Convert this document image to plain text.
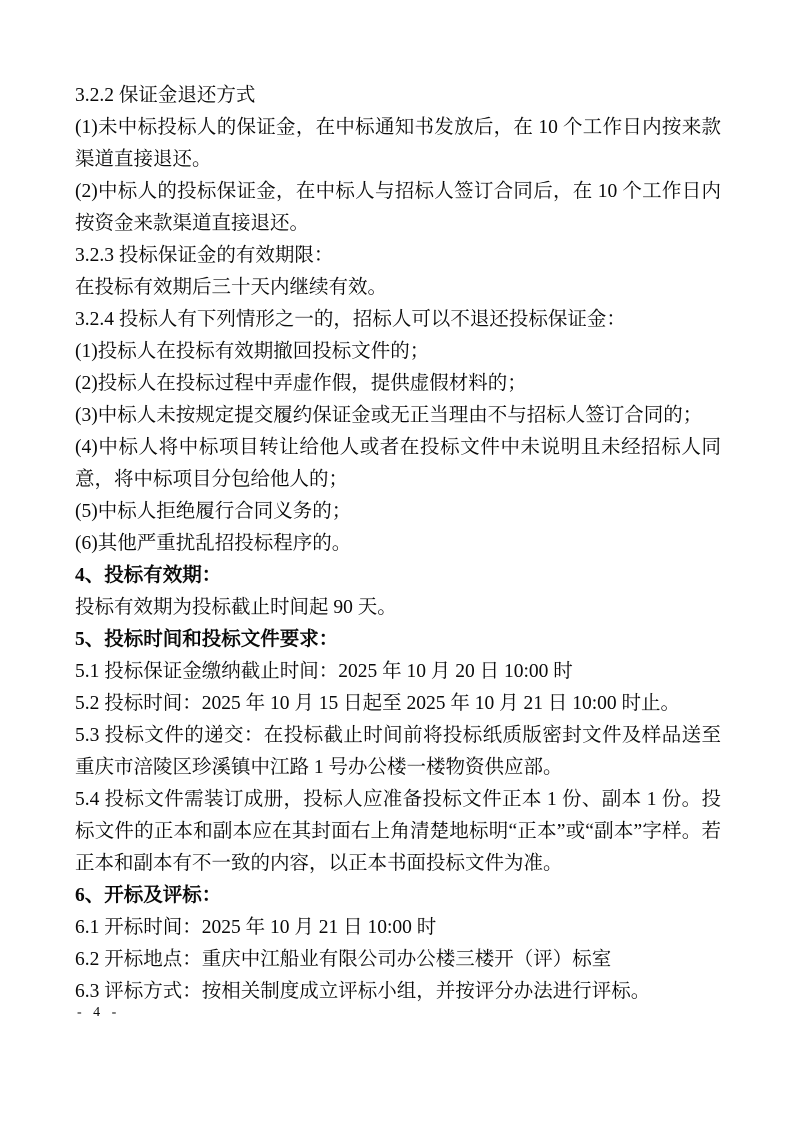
3.2.2 保证金退还方式

(1)未中标投标人的保证金，在中标通知书发放后，在 10 个工作日内按来款渠道直接退还。

(2)中标人的投标保证金，在中标人与招标人签订合同后，在 10 个工作日内按资金来款渠道直接退还。

3.2.3 投标保证金的有效期限：

在投标有效期后三十天内继续有效。

3.2.4 投标人有下列情形之一的，招标人可以不退还投标保证金：

(1)投标人在投标有效期撤回投标文件的；

(2)投标人在投标过程中弄虚作假，提供虚假材料的；

(3)中标人未按规定提交履约保证金或无正当理由不与招标人签订合同的；

(4)中标人将中标项目转让给他人或者在投标文件中未说明且未经招标人同意，将中标项目分包给他人的；

(5)中标人拒绝履行合同义务的；

(6)其他严重扰乱招投标程序的。

4、投标有效期：

投标有效期为投标截止时间起 90 天。

5、投标时间和投标文件要求：

5.1 投标保证金缴纳截止时间：2025 年 10 月 20 日 10:00 时

5.2 投标时间：2025 年 10 月 15 日起至 2025 年 10 月 21 日 10:00 时止。

5.3 投标文件的递交：在投标截止时间前将投标纸质版密封文件及样品送至重庆市涪陵区珍溪镇中江路 1 号办公楼一楼物资供应部。

5.4 投标文件需装订成册，投标人应准备投标文件正本 1 份、副本 1 份。投标文件的正本和副本应在其封面右上角清楚地标明“正本”或“副本”字样。若正本和副本有不一致的内容，以正本书面投标文件为准。

6、开标及评标：

6.1 开标时间：2025 年 10 月 21 日 10:00 时

6.2 开标地点：重庆中江船业有限公司办公楼三楼开（评）标室

6.3 评标方式：按相关制度成立评标小组，并按评分办法进行评标。

- 4 -
